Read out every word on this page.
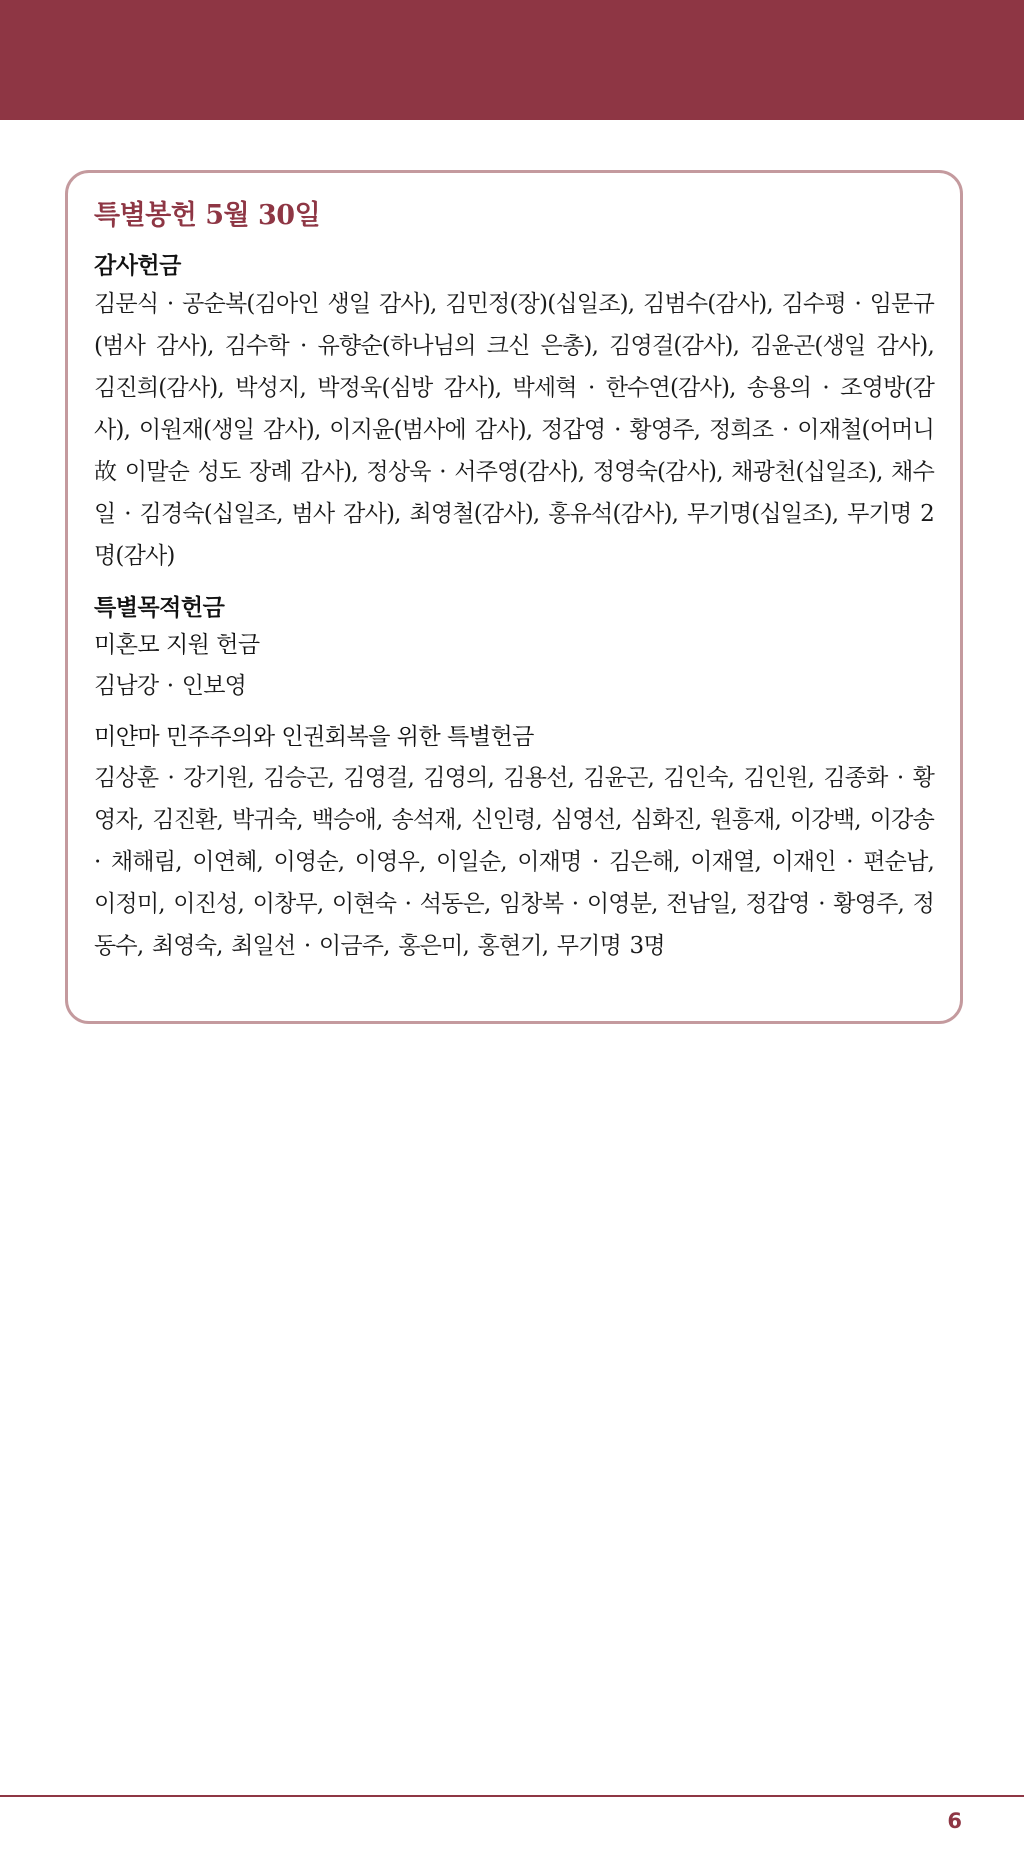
특별봉헌 5월 30일
감사헌금

김문식 · 공순복(김아인 생일 감사), 김민정(장)(십일조), 김범수(감사), 김수평 · 임문규(범사 감사), 김수학 · 유향순(하나님의 크신 은총), 김영걸(감사), 김윤곤(생일 감사), 김진희(감사), 박성지, 박정욱(심방 감사), 박세혁 · 한수연(감사), 송용의 · 조영방(감사), 이원재(생일 감사), 이지윤(범사에 감사), 정갑영 · 황영주, 정희조 · 이재철(어머니 故 이말순 성도 장례 감사), 정상욱 · 서주영(감사), 정영숙(감사), 채광천(십일조), 채수일 · 김경숙(십일조, 범사 감사), 최영철(감사), 홍유석(감사), 무기명(십일조), 무기명 2명(감사)

특별목적헌금
미혼모 지원 헌금

김남강 · 인보영

미얀마 민주주의와 인권회복을 위한 특별헌금

김상훈 · 강기원, 김승곤, 김영걸, 김영의, 김용선, 김윤곤, 김인숙, 김인원, 김종화 · 황영자, 김진환, 박귀숙, 백승애, 송석재, 신인령, 심영선, 심화진, 원흥재, 이강백, 이강송 · 채해림, 이연혜, 이영순, 이영우, 이일순, 이재명 · 김은해, 이재열, 이재인 · 편순남, 이정미, 이진성, 이창무, 이현숙 · 석동은, 임창복 · 이영분, 전남일, 정갑영 · 황영주, 정동수, 최영숙, 최일선 · 이금주, 홍은미, 홍현기, 무기명 3명

6
